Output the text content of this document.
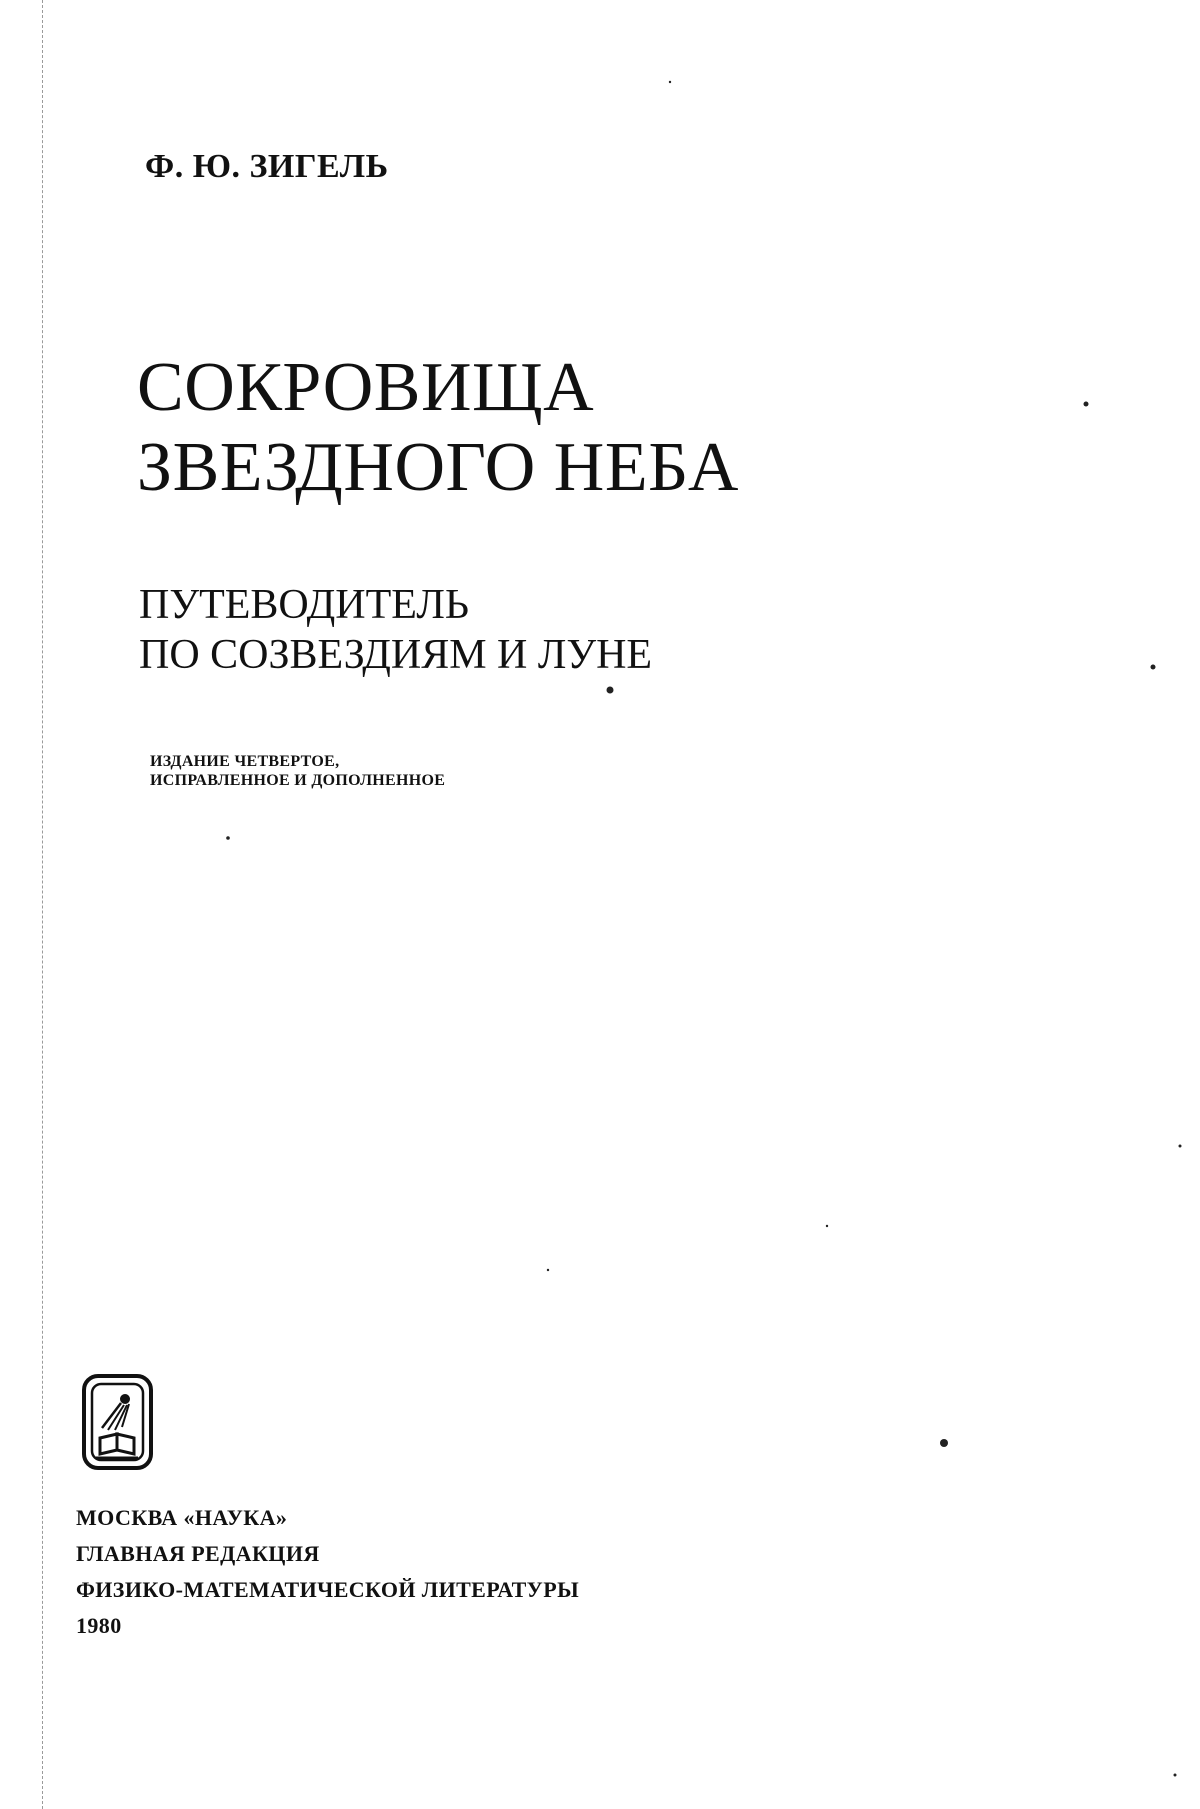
Ф. Ю. ЗИГЕЛЬ

СОКРОВИЩА
ЗВЕЗДНОГО НЕБА
ПУТЕВОДИТЕЛЬ
ПО СОЗВЕЗДИЯМ И ЛУНЕ
ИЗДАНИЕ ЧЕТВЕРТОЕ,
ИСПРАВЛЕННОЕ И ДОПОЛНЕННОЕ
МОСКВА «НАУКА»
ГЛАВНАЯ РЕДАКЦИЯ
ФИЗИКО-МАТЕМАТИЧЕСКОЙ ЛИТЕРАТУРЫ
1980
